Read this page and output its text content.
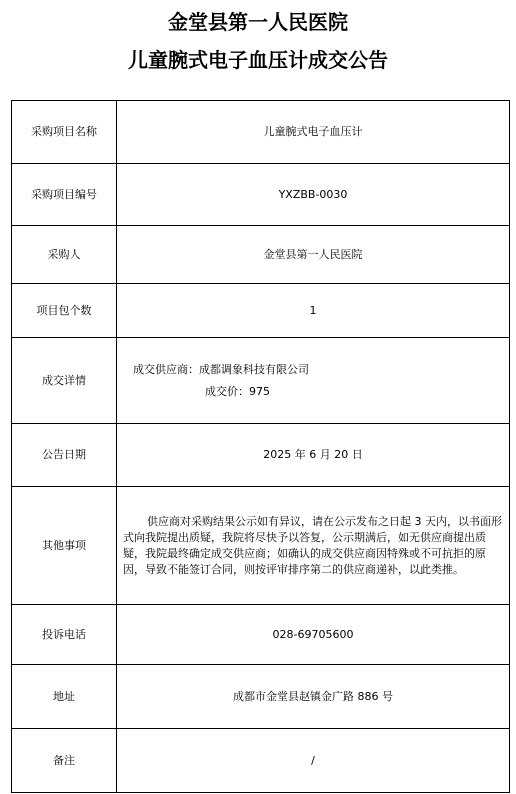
金堂县第一人民医院
儿童腕式电子血压计成交公告
采购项目名称	儿童腕式电子血压计
采购项目编号	YXZBB-0030
采购人	金堂县第一人民医院
项目包个数	1
成交详情	成交供应商：成都调象科技有限公司
成交价：975

公告日期	2025 年 6 月 20 日
其他事项	供应商对采购结果公示如有异议，请在公示发布之日起 3 天内，以书面形式向我院提出质疑，我院将尽快予以答复，公示期满后，如无供应商提出质疑，我院最终确定成交供应商；如确认的成交供应商因特殊或不可抗拒的原因，导致不能签订合同，则按评审排序第二的供应商递补，以此类推。
投诉电话	028-69705600
地址	成都市金堂县赵镇金广路 886 号
备注	/
